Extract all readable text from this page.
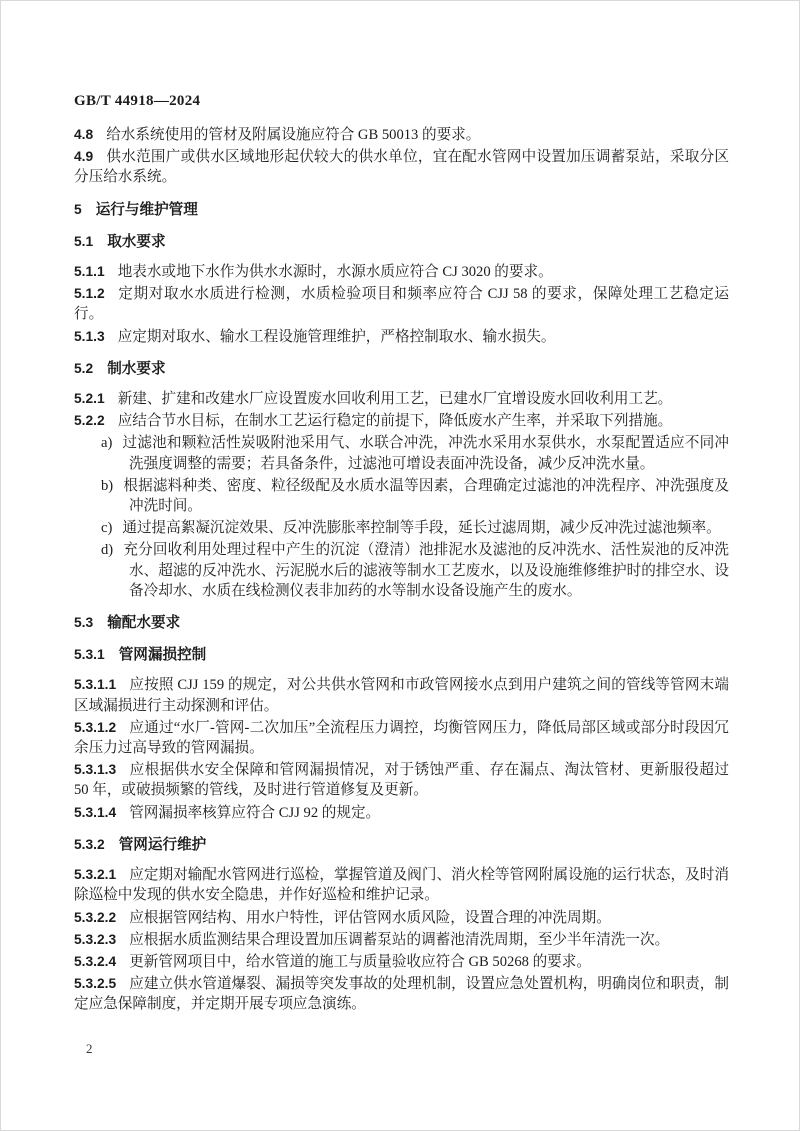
GB/T 44918—2024

4.8 给水系统使用的管材及附属设施应符合 GB 50013 的要求。

4.9 供水范围广或供水区域地形起伏较大的供水单位，宜在配水管网中设置加压调蓄泵站，采取分区分压给水系统。

5 运行与维护管理

5.1 取水要求

5.1.1 地表水或地下水作为供水水源时，水源水质应符合 CJ 3020 的要求。

5.1.2 定期对取水水质进行检测，水质检验项目和频率应符合 CJJ 58 的要求，保障处理工艺稳定运行。

5.1.3 应定期对取水、输水工程设施管理维护，严格控制取水、输水损失。

5.2 制水要求

5.2.1 新建、扩建和改建水厂应设置废水回收利用工艺，已建水厂宜增设废水回收利用工艺。

5.2.2 应结合节水目标，在制水工艺运行稳定的前提下，降低废水产生率，并采取下列措施。

a) 过滤池和颗粒活性炭吸附池采用气、水联合冲洗，冲洗水采用水泵供水，水泵配置适应不同冲洗强度调整的需要；若具备条件，过滤池可增设表面冲洗设备，减少反冲洗水量。

b) 根据滤料种类、密度、粒径级配及水质水温等因素，合理确定过滤池的冲洗程序、冲洗强度及冲洗时间。

c) 通过提高絮凝沉淀效果、反冲洗膨胀率控制等手段，延长过滤周期，减少反冲洗过滤池频率。

d) 充分回收利用处理过程中产生的沉淀（澄清）池排泥水及滤池的反冲洗水、活性炭池的反冲洗水、超滤的反冲洗水、污泥脱水后的滤液等制水工艺废水，以及设施维修维护时的排空水、设备冷却水、水质在线检测仪表非加药的水等制水设备设施产生的废水。

5.3 输配水要求

5.3.1 管网漏损控制

5.3.1.1 应按照 CJJ 159 的规定，对公共供水管网和市政管网接水点到用户建筑之间的管线等管网末端区域漏损进行主动探测和评估。

5.3.1.2 应通过“水厂-管网-二次加压”全流程压力调控，均衡管网压力，降低局部区域或部分时段因冗余压力过高导致的管网漏损。

5.3.1.3 应根据供水安全保障和管网漏损情况，对于锈蚀严重、存在漏点、淘汰管材、更新服役超过 50 年，或破损频繁的管线，及时进行管道修复及更新。

5.3.1.4 管网漏损率核算应符合 CJJ 92 的规定。

5.3.2 管网运行维护

5.3.2.1 应定期对输配水管网进行巡检，掌握管道及阀门、消火栓等管网附属设施的运行状态，及时消除巡检中发现的供水安全隐患，并作好巡检和维护记录。

5.3.2.2 应根据管网结构、用水户特性，评估管网水质风险，设置合理的冲洗周期。

5.3.2.3 应根据水质监测结果合理设置加压调蓄泵站的调蓄池清洗周期，至少半年清洗一次。

5.3.2.4 更新管网项目中，给水管道的施工与质量验收应符合 GB 50268 的要求。

5.3.2.5 应建立供水管道爆裂、漏损等突发事故的处理机制，设置应急处置机构，明确岗位和职责，制定应急保障制度，并定期开展专项应急演练。

2
